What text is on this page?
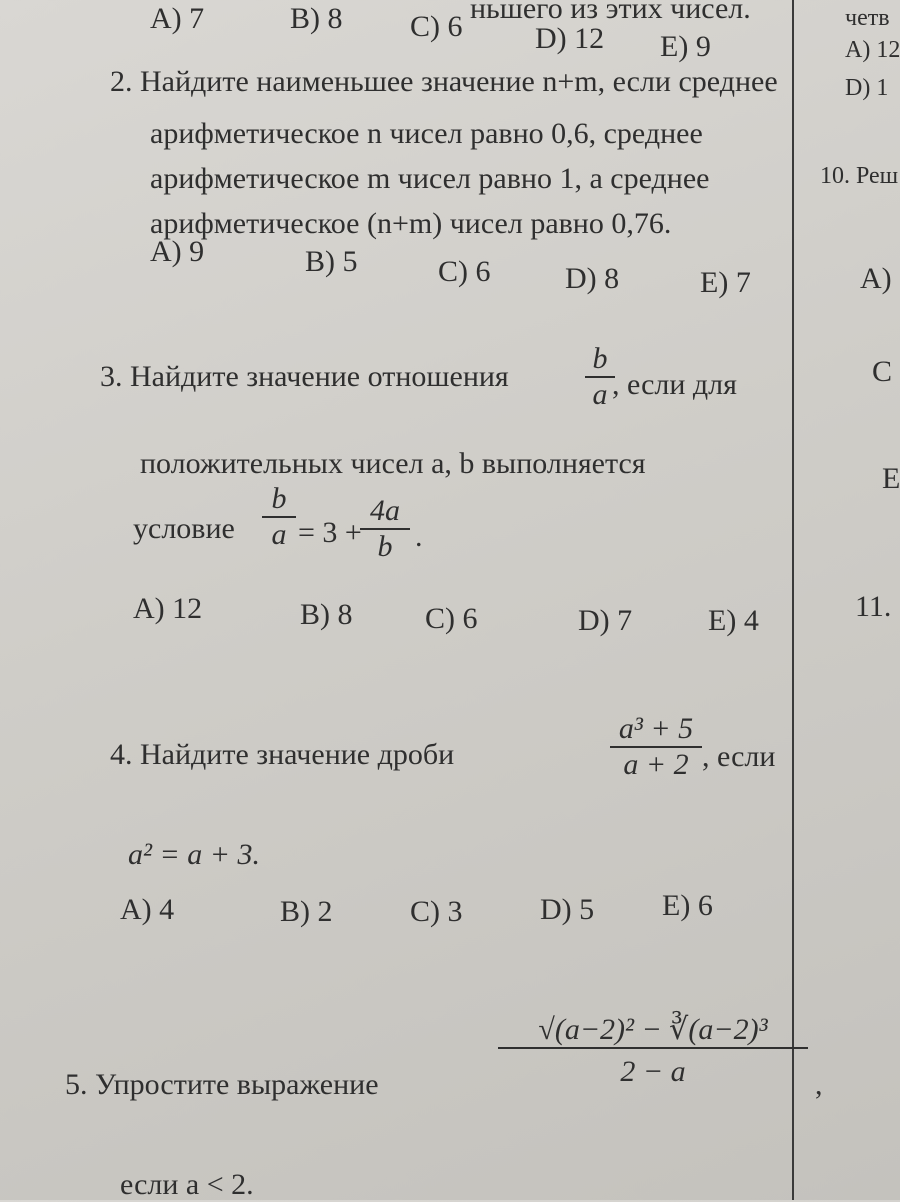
ньшего из этих чисел.
A) 7	B) 8 C) 6 D) 12 E) 9
2. Найдите наименьшее значение n+m, если среднее
арифметическое n чисел равно 0,6, среднее
арифметическое m чисел равно 1, а среднее
арифметическое (n+m) чисел равно 0,76.
A) 9	B) 5	C) 6 D) 8	E) 7
3. Найдите значение отношения
b
a , если для
положительных чисел a, b выполняется
условие
b
a = 3 +
4a
b .
A) 12	B) 8 C) 6	D) 7	E) 4
4. Найдите значение дроби
a³ + 5
a + 2 , если
a² = a + 3.
A) 4	B) 2	C) 3	D) 5 E) 6
5. Упростите выражение
√(a−2)² − ∛(a−2)³
2 − a	,
если a < 2.
четв
A) 12
D) 1
10. Реш
A)
C
E
11.
